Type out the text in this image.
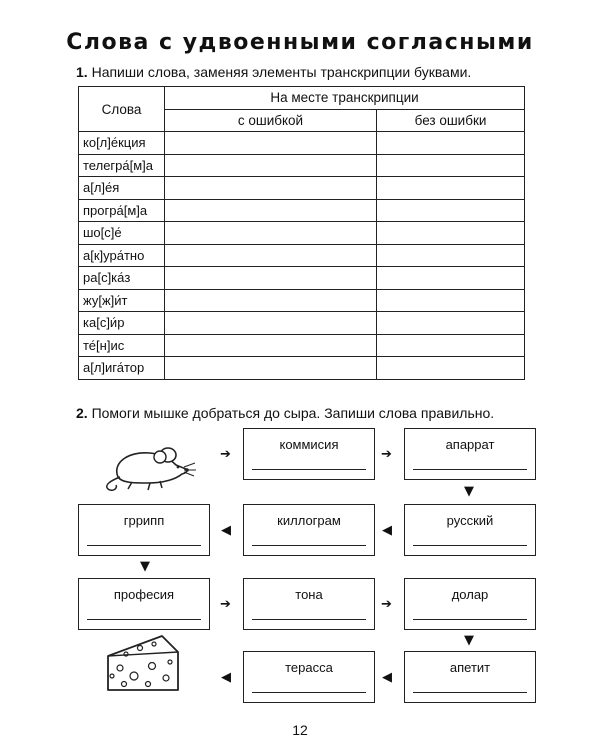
Слова с удвоенными согласными
1. Напиши слова, заменяя элементы транскрипции буквами.
Слова	На месте транскрипции	
	с ошибкой	без ошибки
ко[л]е́кция		
телегра́[м]а		
а[л]е́я		
програ́[м]а		
шо[с]е́		
а[к]ура́тно		
ра[с]ка́з		
жу[ж]и́т		
ка[с]и́р		
те́[н]ис		
а[л]ига́тор		
2. Помоги мышке добраться до сыра. Запиши слова правильно.
коммисия	апаррат
гррипп	киллограм	русский
професия	тона	долар
терасса	апетит
➔	➔
▼
◀
◀
▼
➔	➔
▼
◀
◀
12
